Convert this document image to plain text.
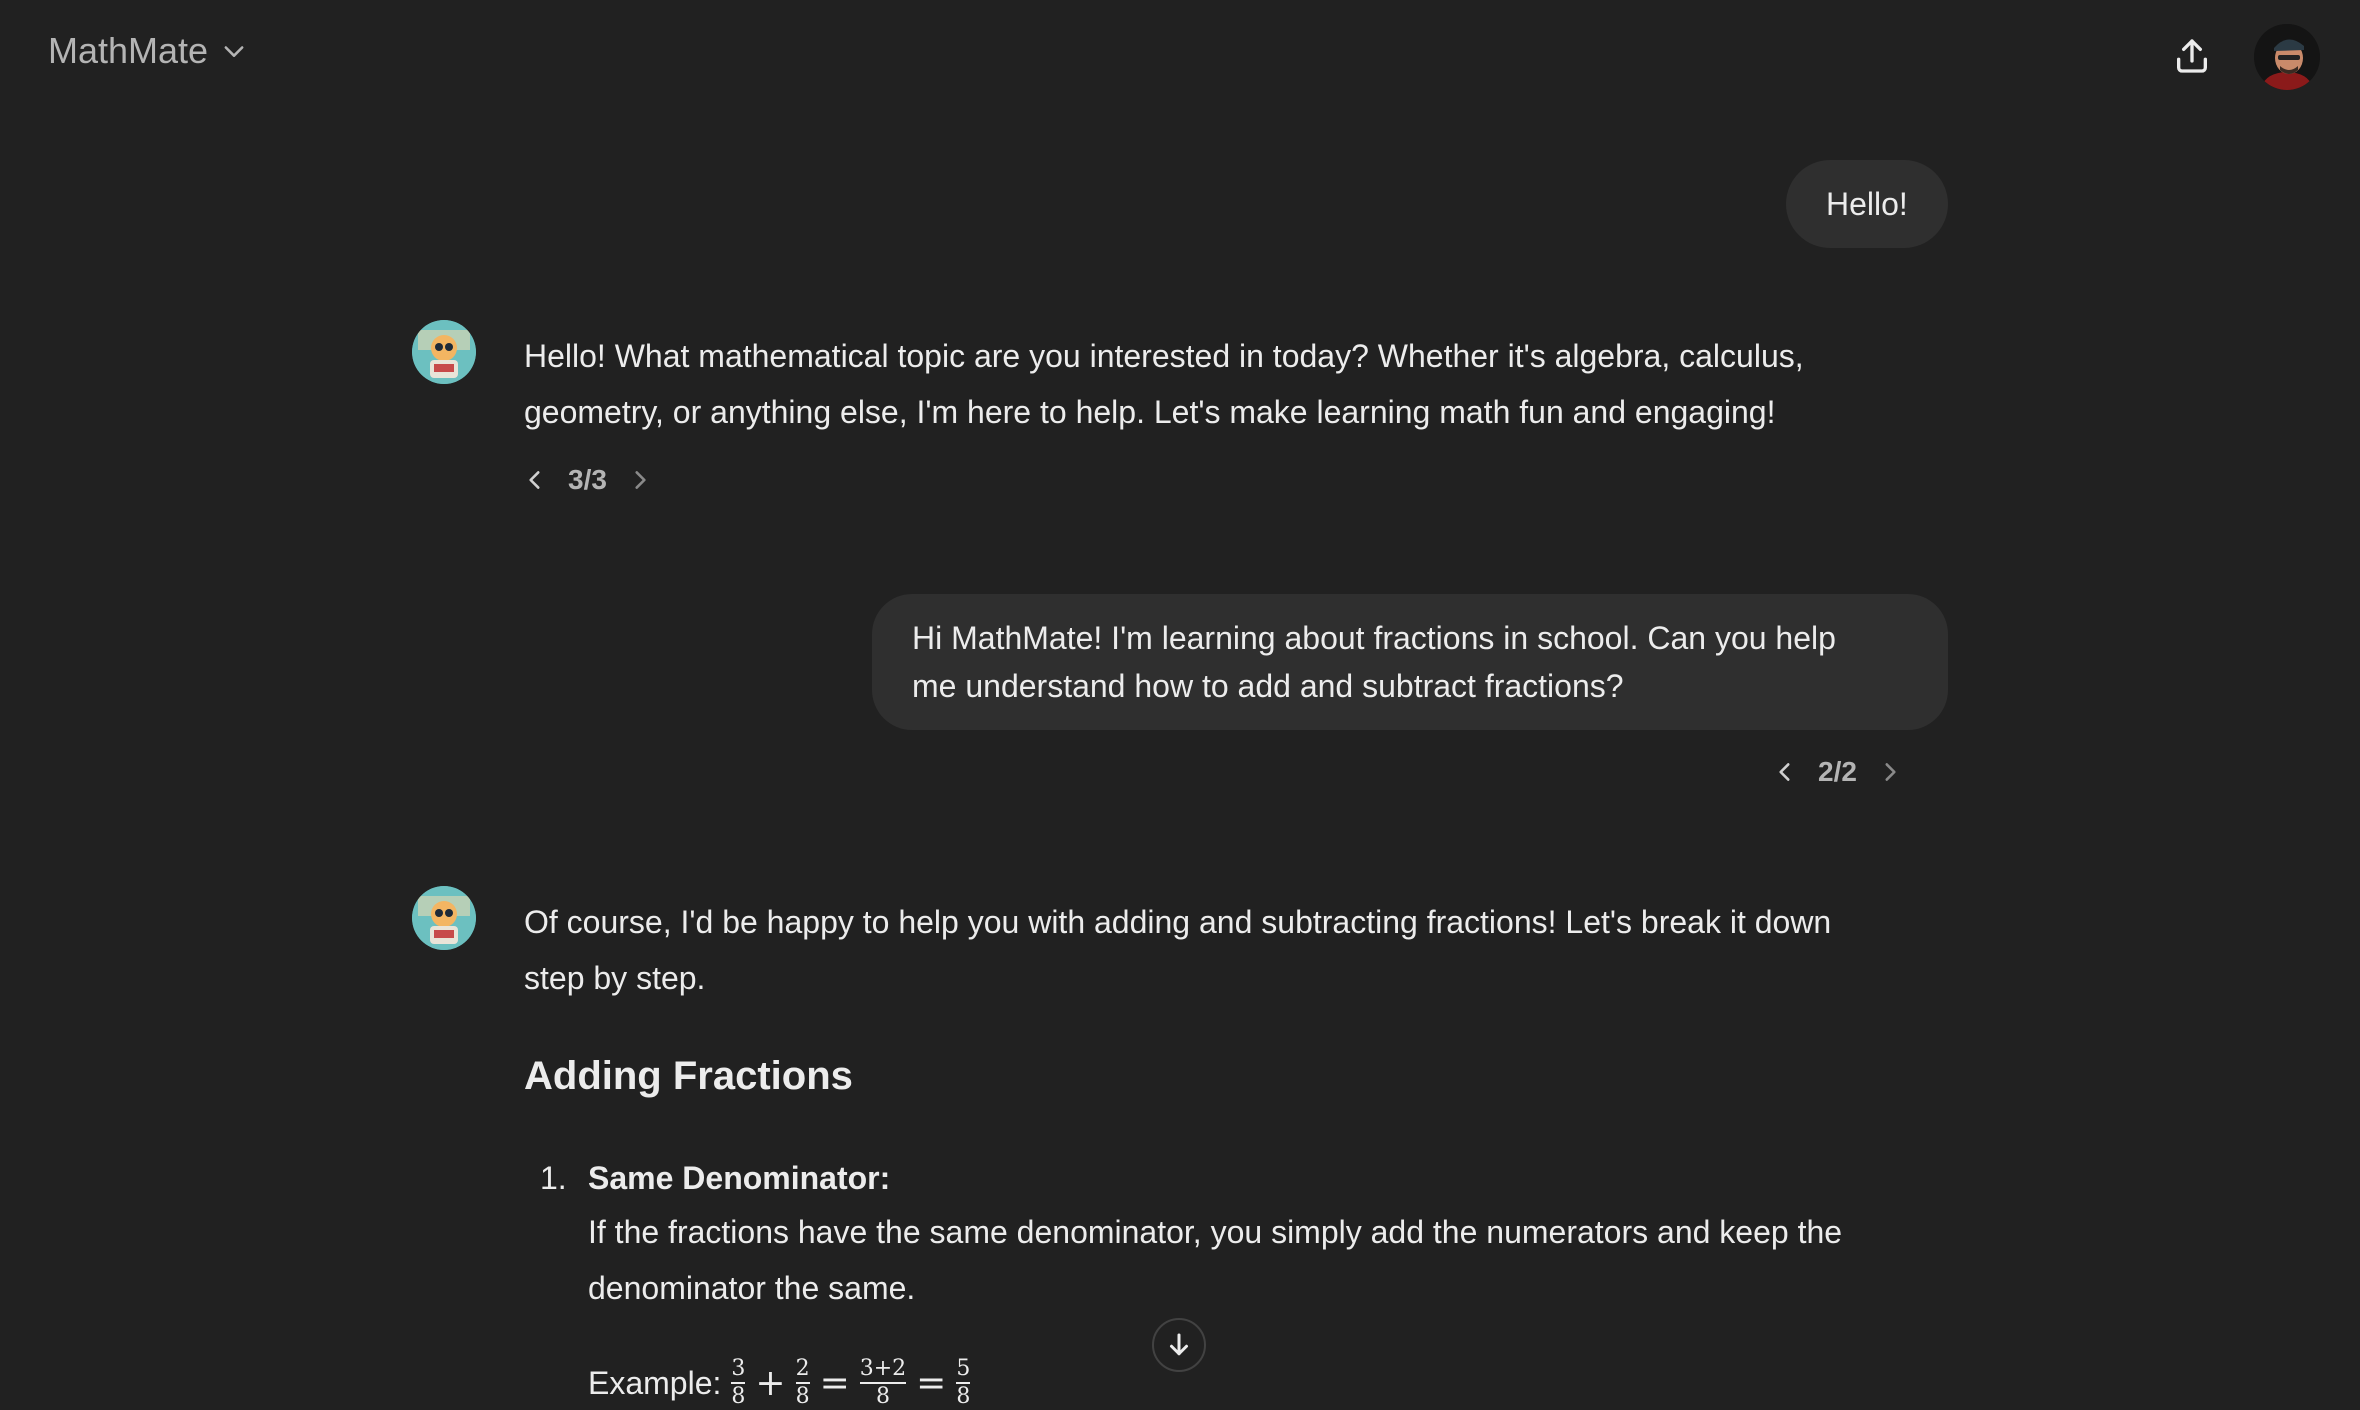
MathMate
Hello!
Hello! What mathematical topic are you interested in today? Whether it's algebra, calculus,
geometry, or anything else, I'm here to help. Let's make learning math fun and engaging!
3/3
Hi MathMate! I'm learning about fractions in school. Can you help
me understand how to add and subtract fractions?
2/2
Of course, I'd be happy to help you with adding and subtracting fractions! Let's break it down
step by step.
Adding Fractions
1. Same Denominator:
If the fractions have the same denominator, you simply add the numerators and keep the
denominator the same.
Example: $\frac{3}{8} + \frac{2}{8} = \frac{3+2}{8} = \frac{5}{8}$
